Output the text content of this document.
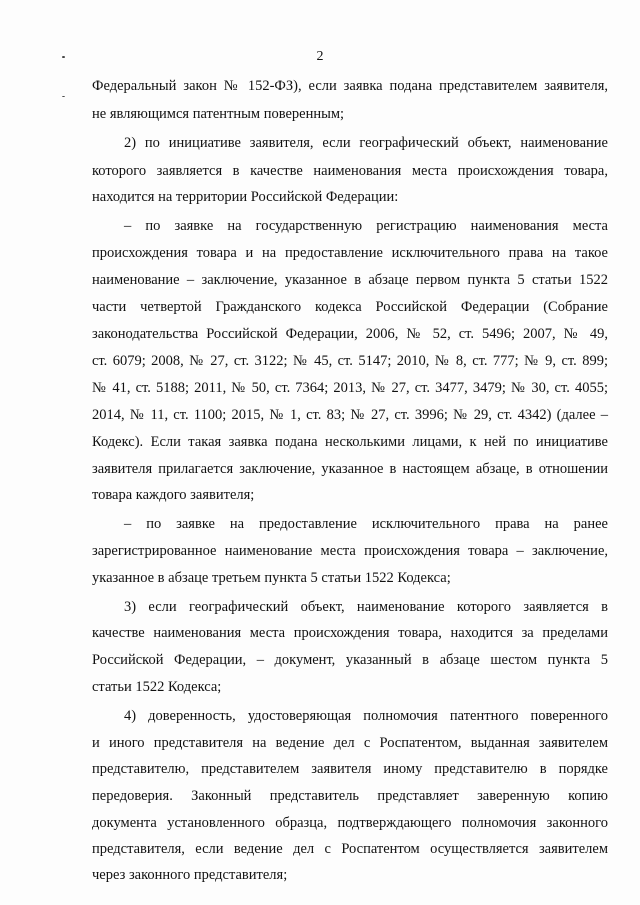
2
Федеральный закон № 152-ФЗ), если заявка подана представителем заявителя,
не являющимся патентным поверенным;
2) по инициативе заявителя, если географический объект, наименование
которого заявляется в качестве наименования места происхождения товара,
находится на территории Российской Федерации:
– по заявке на государственную регистрацию наименования места
происхождения товара и на предоставление исключительного права на такое
наименование – заключение, указанное в абзаце первом пункта 5 статьи 1522
части четвертой Гражданского кодекса Российской Федерации (Собрание
законодательства Российской Федерации, 2006, № 52, ст. 5496; 2007, № 49,
ст. 6079; 2008, № 27, ст. 3122; № 45, ст. 5147; 2010, № 8, ст. 777; № 9, ст. 899;
№ 41, ст. 5188; 2011, № 50, ст. 7364; 2013, № 27, ст. 3477, 3479; № 30, ст. 4055;
2014, № 11, ст. 1100; 2015, № 1, ст. 83; № 27, ст. 3996; № 29, ст. 4342) (далее –
Кодекс). Если такая заявка подана несколькими лицами, к ней по инициативе
заявителя прилагается заключение, указанное в настоящем абзаце, в отношении
товара каждого заявителя;
– по заявке на предоставление исключительного права на ранее
зарегистрированное наименование места происхождения товара – заключение,
указанное в абзаце третьем пункта 5 статьи 1522 Кодекса;
3) если географический объект, наименование которого заявляется в
качестве наименования места происхождения товара, находится за пределами
Российской Федерации, – документ, указанный в абзаце шестом пункта 5
статьи 1522 Кодекса;
4) доверенность, удостоверяющая полномочия патентного поверенного
и иного представителя на ведение дел с Роспатентом, выданная заявителем
представителю, представителем заявителя иному представителю в порядке
передоверия. Законный представитель представляет заверенную копию
документа установленного образца, подтверждающего полномочия законного
представителя, если ведение дел с Роспатентом осуществляется заявителем
через законного представителя;
